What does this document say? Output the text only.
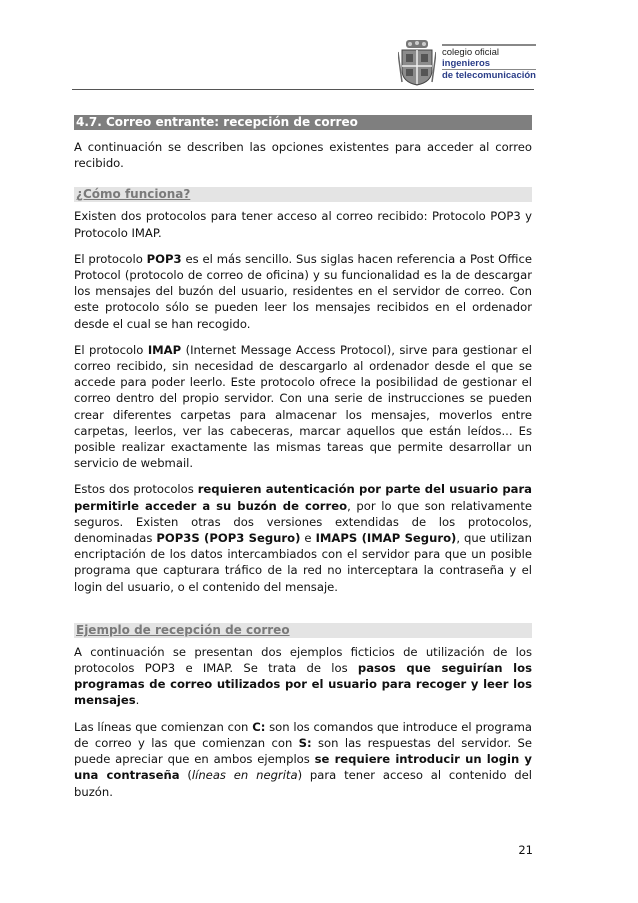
colegio oficial
ingenieros
de telecomunicación
4.7. Correo entrante: recepción de correo

A continuación se describen las opciones existentes para acceder al correo recibido.

¿Cómo funciona?

Existen dos protocolos para tener acceso al correo recibido: Protocolo POP3 y Protocolo IMAP.

El protocolo POP3 es el más sencillo. Sus siglas hacen referencia a Post Office Protocol (protocolo de correo de oficina) y su funcionalidad es la de descargar los mensajes del buzón del usuario, residentes en el servidor de correo. Con este protocolo sólo se pueden leer los mensajes recibidos en el ordenador desde el cual se han recogido.

El protocolo IMAP (Internet Message Access Protocol), sirve para gestionar el correo recibido, sin necesidad de descargarlo al ordenador desde el que se accede para poder leerlo. Este protocolo ofrece la posibilidad de gestionar el correo dentro del propio servidor. Con una serie de instrucciones se pueden crear diferentes carpetas para almacenar los mensajes, moverlos entre carpetas, leerlos, ver las cabeceras, marcar aquellos que están leídos... Es posible realizar exactamente las mismas tareas que permite desarrollar un servicio de webmail.

Estos dos protocolos requieren autenticación por parte del usuario para permitirle acceder a su buzón de correo, por lo que son relativamente seguros. Existen otras dos versiones extendidas de los protocolos, denominadas POP3S (POP3 Seguro) e IMAPS (IMAP Seguro), que utilizan encriptación de los datos intercambiados con el servidor para que un posible programa que capturara tráfico de la red no interceptara la contraseña y el login del usuario, o el contenido del mensaje.

Ejemplo de recepción de correo

A continuación se presentan dos ejemplos ficticios de utilización de los protocolos POP3 e IMAP. Se trata de los pasos que seguirían los programas de correo utilizados por el usuario para recoger y leer los mensajes.

Las líneas que comienzan con C: son los comandos que introduce el programa de correo y las que comienzan con S: son las respuestas del servidor. Se puede apreciar que en ambos ejemplos se requiere introducir un login y una contraseña (líneas en negrita) para tener acceso al contenido del buzón.

21
